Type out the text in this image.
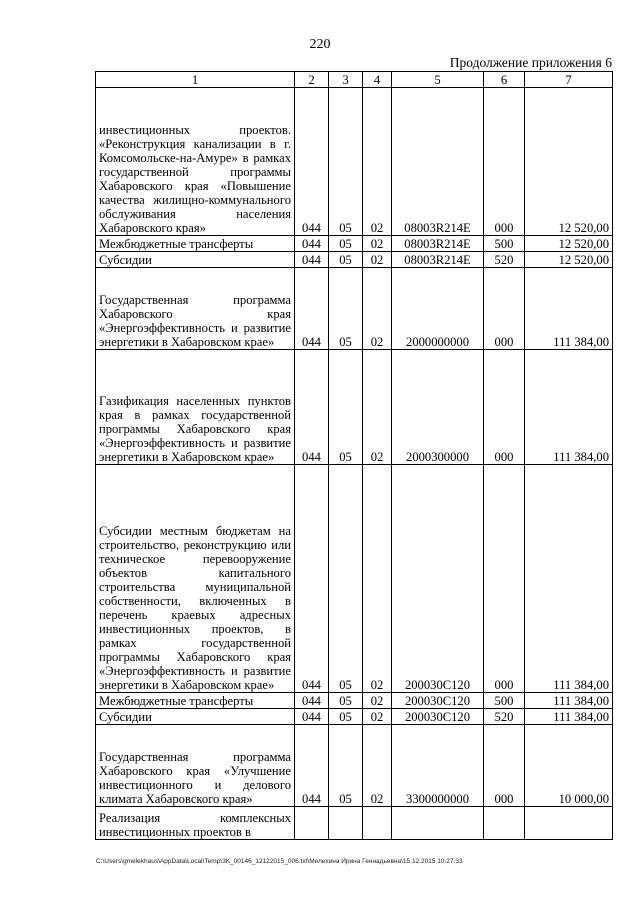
220
Продолжение приложения 6
1	2	3	4	5	6	7
инвестиционных проектов. «Реконструкция канализации в г. Комсомольске-на-Амуре» в рамках государственной программы Хабаровского края «Повышение качества жилищно-коммунального обслуживания населения Хабаровского края»	044	05	02	08003R214E	000	12 520,00
Межбюджетные трансферты	044	05	02	08003R214E	500	12 520,00
Субсидии	044	05	02	08003R214E	520	12 520,00
Государственная программа Хабаровского края «Энергоэффективность и развитие энергетики в Хабаровском крае»	044	05	02	2000000000	000	111 384,00
Газификация населенных пунктов края в рамках государственной программы Хабаровского края «Энергоэффективность и развитие энергетики в Хабаровском крае»	044	05	02	2000300000	000	111 384,00
Субсидии местным бюджетам на строительство, реконструкцию или техническое перевооружение объектов капитального строительства муниципальной собственности, включенных в перечень краевых адресных инвестиционных проектов, в рамках государственной программы Хабаровского края «Энергоэффективность и развитие энергетики в Хабаровском крае»	044	05	02	200030С120	000	111 384,00
Межбюджетные трансферты	044	05	02	200030С120	500	111 384,00
Субсидии	044	05	02	200030С120	520	111 384,00
Государственная программа Хабаровского края «Улучшение инвестиционного и делового климата Хабаровского края»	044	05	02	3300000000	000	10 000,00
Реализация комплексных инвестиционных проектов в						
C:\Users\gmelekhaus\AppData\Local\Temp\3K_00146_12122015_006.txt\Мелехина Ирина Геннадьевна\15.12.2015 10:27:33
